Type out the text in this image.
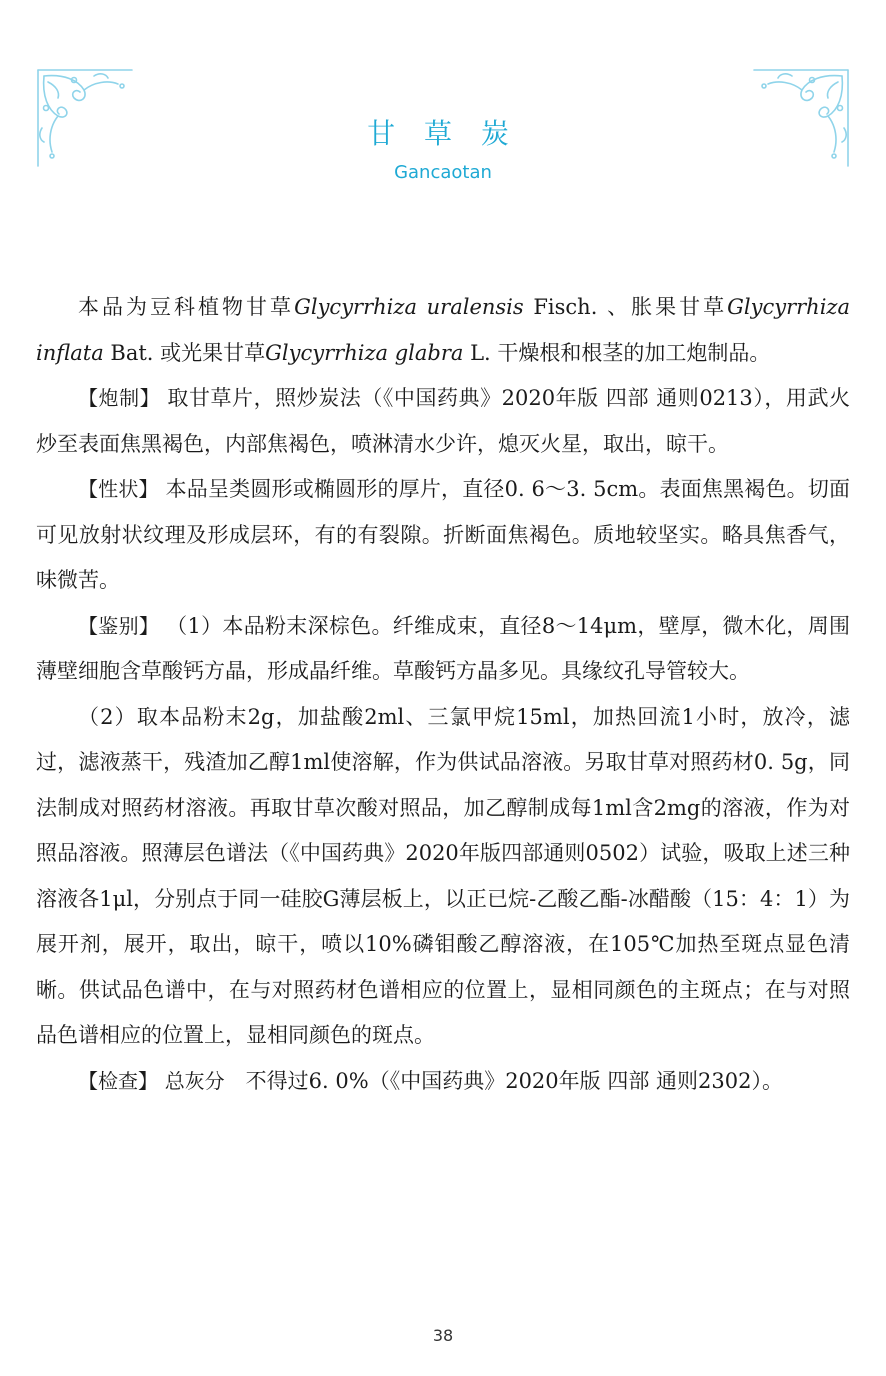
甘 草 炭
Gancaotan

本品为豆科植物甘草Glycyrrhiza uralensis Fisch. 、胀果甘草Glycyrrhiza inflata Bat. 或光果甘草Glycyrrhiza glabra L. 干燥根和根茎的加工炮制品。

【炮制】 取甘草片，照炒炭法（《中国药典》2020年版 四部 通则0213），用武火炒至表面焦黑褐色，内部焦褐色，喷淋清水少许，熄灭火星，取出，晾干。

【性状】 本品呈类圆形或椭圆形的厚片，直径0. 6～3. 5cm。表面焦黑褐色。切面可见放射状纹理及形成层环，有的有裂隙。折断面焦褐色。质地较坚实。略具焦香气，味微苦。

【鉴别】 （1）本品粉末深棕色。纤维成束，直径8～14μm，壁厚，微木化，周围薄壁细胞含草酸钙方晶，形成晶纤维。草酸钙方晶多见。具缘纹孔导管较大。

（2）取本品粉末2g，加盐酸2ml、三氯甲烷15ml，加热回流1小时，放冷，滤过，滤液蒸干，残渣加乙醇1ml使溶解，作为供试品溶液。另取甘草对照药材0. 5g，同法制成对照药材溶液。再取甘草次酸对照品，加乙醇制成每1ml含2mg的溶液，作为对照品溶液。照薄层色谱法（《中国药典》2020年版四部通则0502）试验，吸取上述三种溶液各1μl，分别点于同一硅胶G薄层板上，以正已烷-乙酸乙酯-冰醋酸（15：4：1）为展开剂，展开，取出，晾干，喷以10%磷钼酸乙醇溶液，在105℃加热至斑点显色清晰。供试品色谱中，在与对照药材色谱相应的位置上，显相同颜色的主斑点；在与对照品色谱相应的位置上，显相同颜色的斑点。

【检查】 总灰分　不得过6. 0%（《中国药典》2020年版 四部 通则2302）。

38
